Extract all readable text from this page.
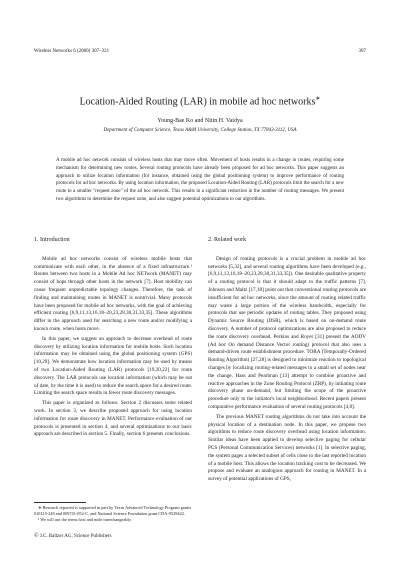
Wireless Networks 6 (2000) 307–321	307
Location-Aided Routing (LAR) in mobile ad hoc networks∗
Young-Bae Ko and Nitin H. Vaidya
Department of Computer Science, Texas A&M University, College Station, TX 77843-3112, USA
A mobile ad hoc network consists of wireless hosts that may move often. Movement of hosts results in a change in routes, requiring some mechanism for determining new routes. Several routing protocols have already been proposed for ad hoc networks. This paper suggests an approach to utilize location information (for instance, obtained using the global positioning system) to improve performance of routing protocols for ad hoc networks. By using location information, the proposed Location-Aided Routing (LAR) protocols limit the search for a new route to a smaller "request zone" of the ad hoc network. This results in a significant reduction in the number of routing messages. We present two algorithms to determine the request zone, and also suggest potential optimizations to our algorithms.
1. Introduction

Mobile ad hoc networks consist of wireless mobile hosts that communicate with each other, in the absence of a fixed infrastructure.¹ Routes between two hosts in a Mobile Ad hoc NETwork (MANET) may consist of hops through other hosts in the network [7]. Host mobility can cause frequent unpredictable topology changes. Therefore, the task of finding and maintaining routes in MANET is nontrivial. Many protocols have been proposed for mobile ad hoc networks, with the goal of achieving efficient routing [6,9,11,13,16,18–20,23,28,30,31,33,35]. These algorithms differ in the approach used for searching a new route and/or modifying a known route, when hosts move.

In this paper, we suggest an approach to decrease overhead of route discovery by utilizing location information for mobile hosts. Such location information may be obtained using the global positioning system (GPS) [10,29]. We demonstrate how location information may be used by means of two Location-Aided Routing (LAR) protocols [19,20,22] for route discovery. The LAR protocols use location information (which may be out of date, by the time it is used) to reduce the search space for a desired route. Limiting the search space results in fewer route discovery messages.

This paper is organized as follows. Section 2 discusses some related work. In section 3, we describe proposed approach for using location information for route discovery in MANET. Performance evaluation of our protocols is presented in section 4, and several optimizations to our basic approach are described in section 5. Finally, section 6 presents conclusions.

2. Related work

Design of routing protocols is a crucial problem in mobile ad hoc networks [5,32], and several routing algorithms have been developed (e.g., [6,9,11,13,16,18–20,23,28,30,31,33,35]). One desirable qualitative property of a routing protocol is that it should adapt to the traffic patterns [7]. Johnson and Maltz [17,18] point out that conventional routing protocols are insufficient for ad hoc networks, since the amount of routing related traffic may waste a large portion of the wireless bandwidth, especially for protocols that use periodic updates of routing tables. They proposed using Dynamic Source Routing (DSR), which is based on on-demand route discovery. A number of protocol optimizations are also proposed to reduce the route discovery overhead. Perkins and Royer [31] present the AODV (Ad hoc On demand Distance Vector routing) protocol that also uses a demand-driven route establishment procedure. TORA (Temporally-Ordered Routing Algorithm) [27,28] is designed to minimize reaction to topological changes by localizing routing-related messages to a small set of nodes near the change. Hass and Pearlman [13] attempt to combine proactive and reactive approaches in the Zone Routing Protocol (ZRP), by initiating route discovery phase on-demand, but limiting the scope of the proactive procedure only to the initiator's local neighborhood. Recent papers present comparative performance evaluation of several routing protocols [4,8].

The previous MANET routing algorithms do not take into account the physical location of a destination node. In this paper, we propose two algorithms to reduce route discovery overhead using location information. Similar ideas have been applied to develop selective paging for cellular PCS (Personal Communication Services) networks [1]. In selective paging, the system pages a selected subset of cells close to the last reported location of a mobile host. This allows the location tracking cost to be decreased. We propose and evaluate an analogous approach for routing in MANET. In a survey of potential applications of GPS,

∗ Research reported is supported in part by Texas Advanced Technology Program grants 010115-248 and 009741-052-C, and National Science Foundation grant CDA-9529442.
¹ We will use the terms host and node interchangeably.
© J.C. Baltzer AG, Science Publishers
